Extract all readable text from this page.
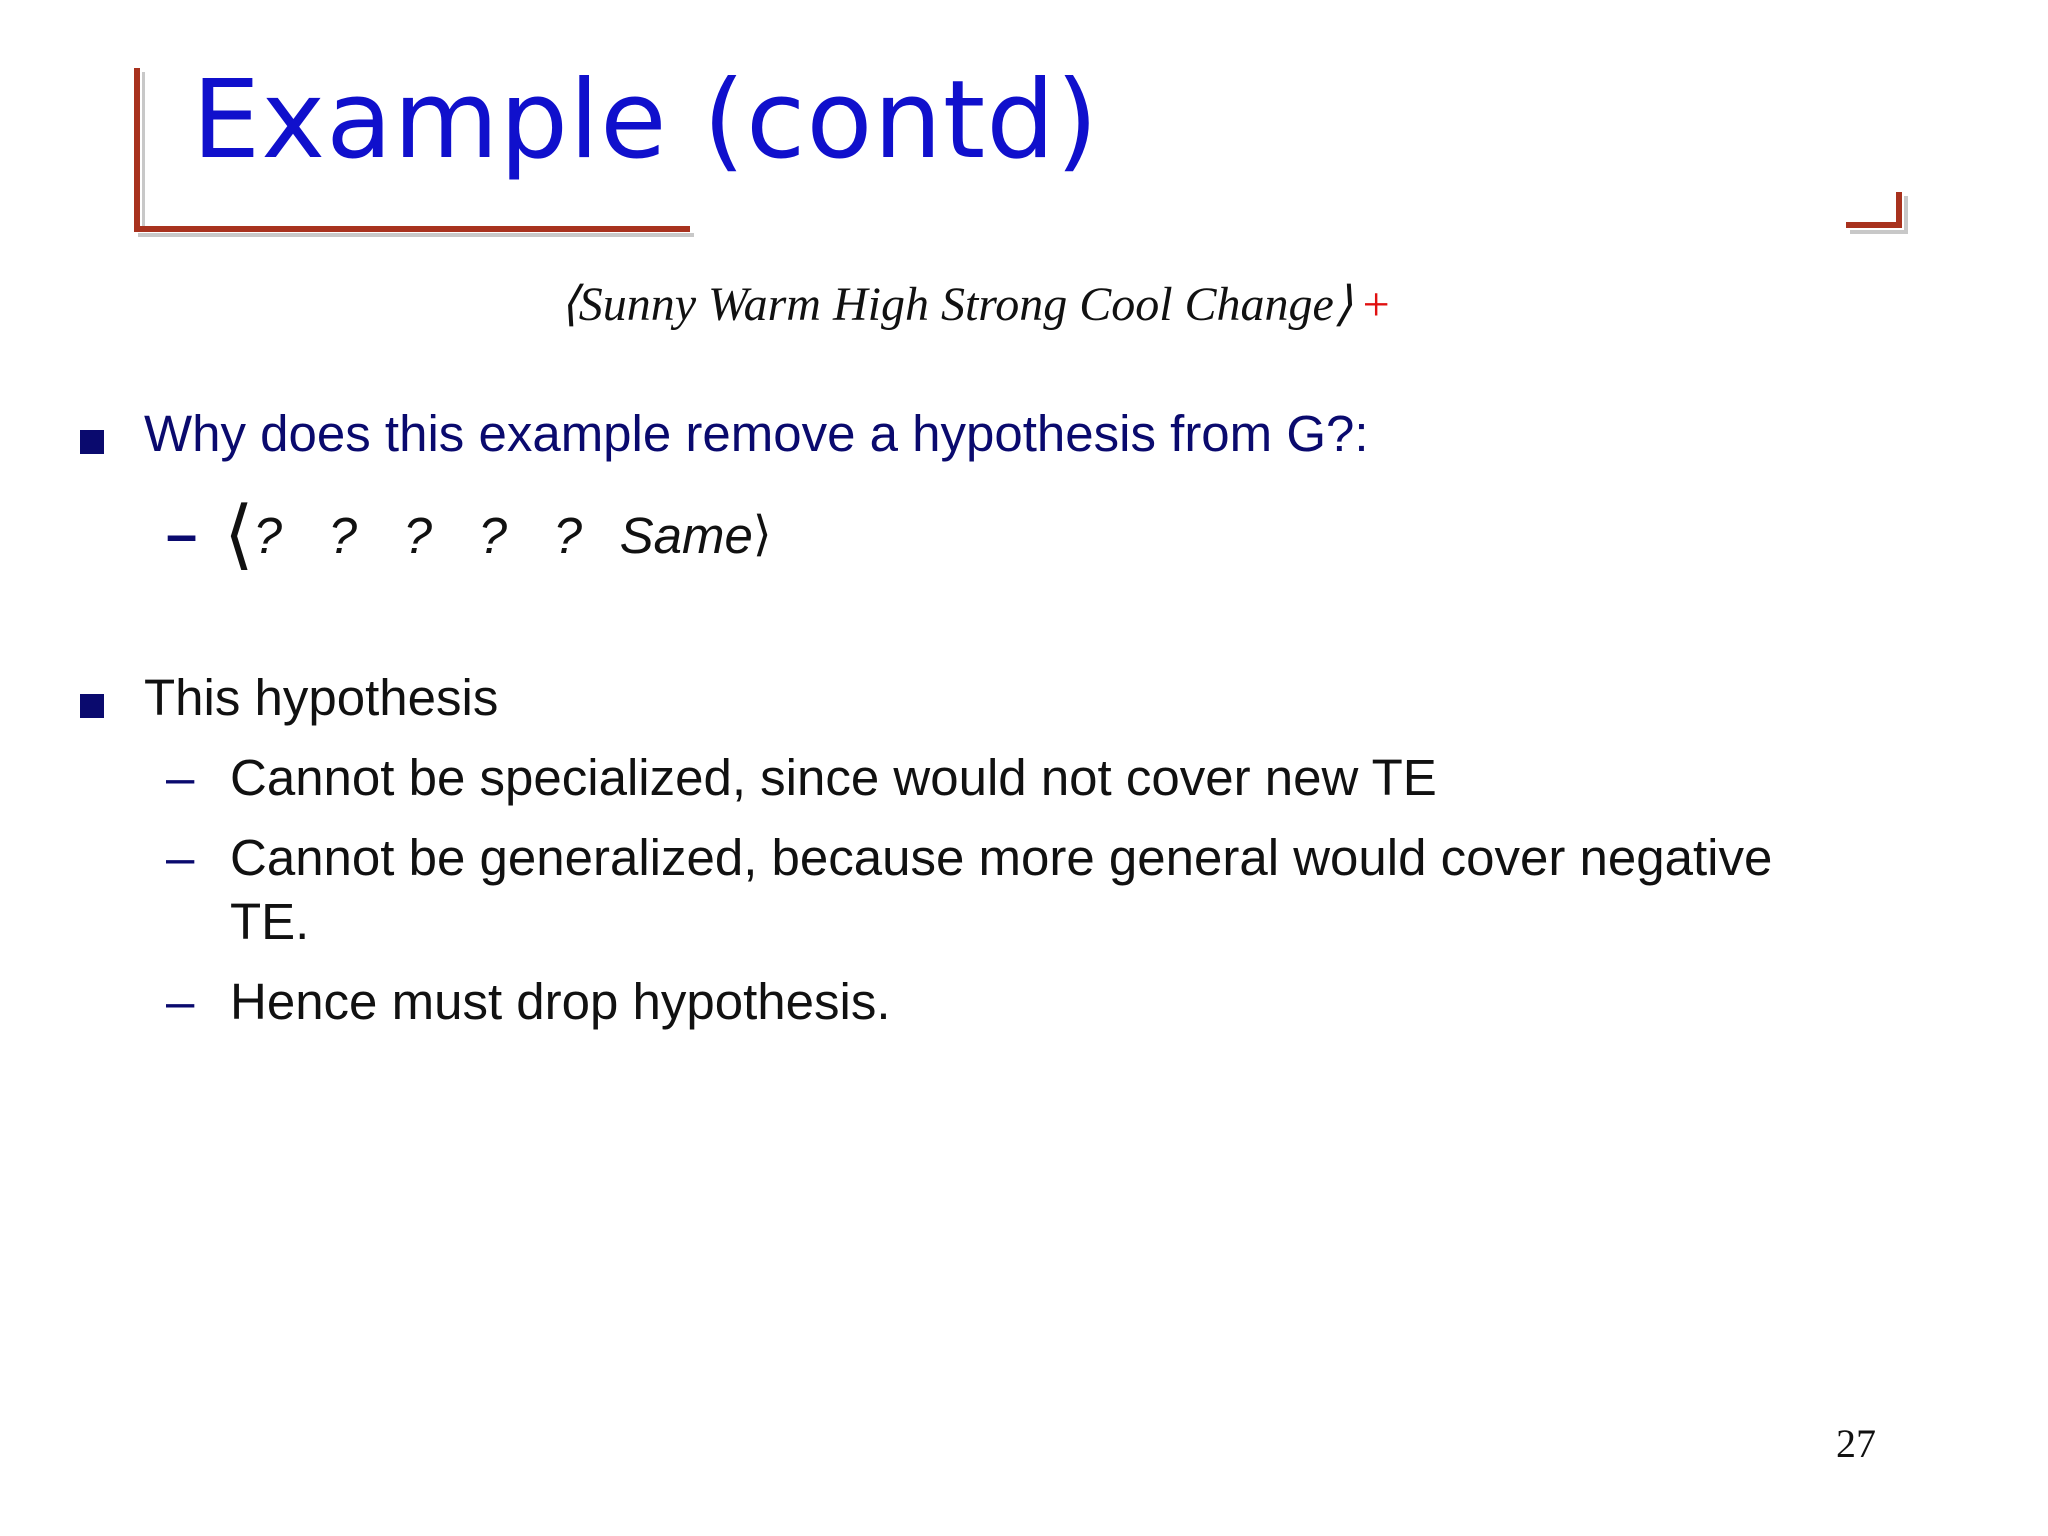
Example (contd)
⟨Sunny Warm High Strong Cool Change⟩ +
Why does this example remove a hypothesis from G?:
– ⟨ ? ? ? ? ? Same ⟩
This hypothesis
– Cannot be specialized, since would not cover new TE
– Cannot be generalized, because more general would cover negative
TE.
– Hence must drop hypothesis.
27
